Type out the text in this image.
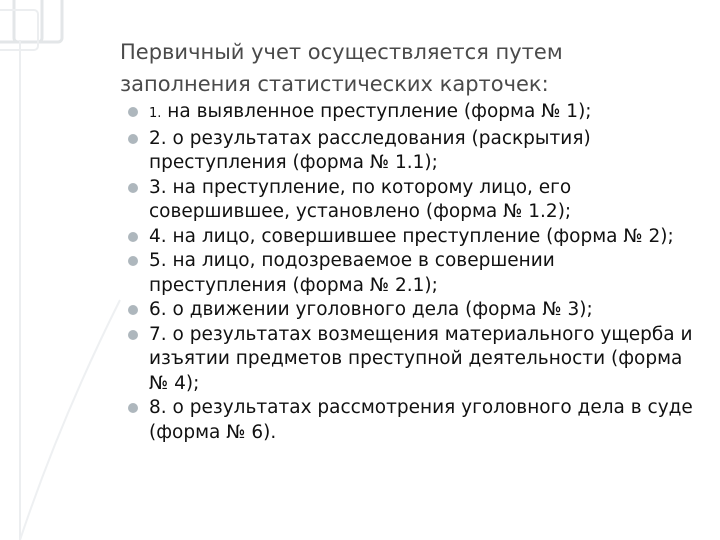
Первичный учет осуществляется путем
заполнения статистических карточек:
1. на выявленное преступление (форма № 1);
2. о результатах расследования (раскрытия) преступления (форма № 1.1);
3. на преступление, по которому лицо, его совершившее, установлено (форма № 1.2);
4. на лицо, совершившее преступление (форма № 2);
5. на лицо, подозреваемое в совершении преступления (форма № 2.1);
6. о движении уголовного дела (форма № 3);
7. о результатах возмещения материального ущерба и изъятии предметов преступной деятельности (форма № 4);
8. о результатах рассмотрения уголовного дела в суде (форма № 6).
